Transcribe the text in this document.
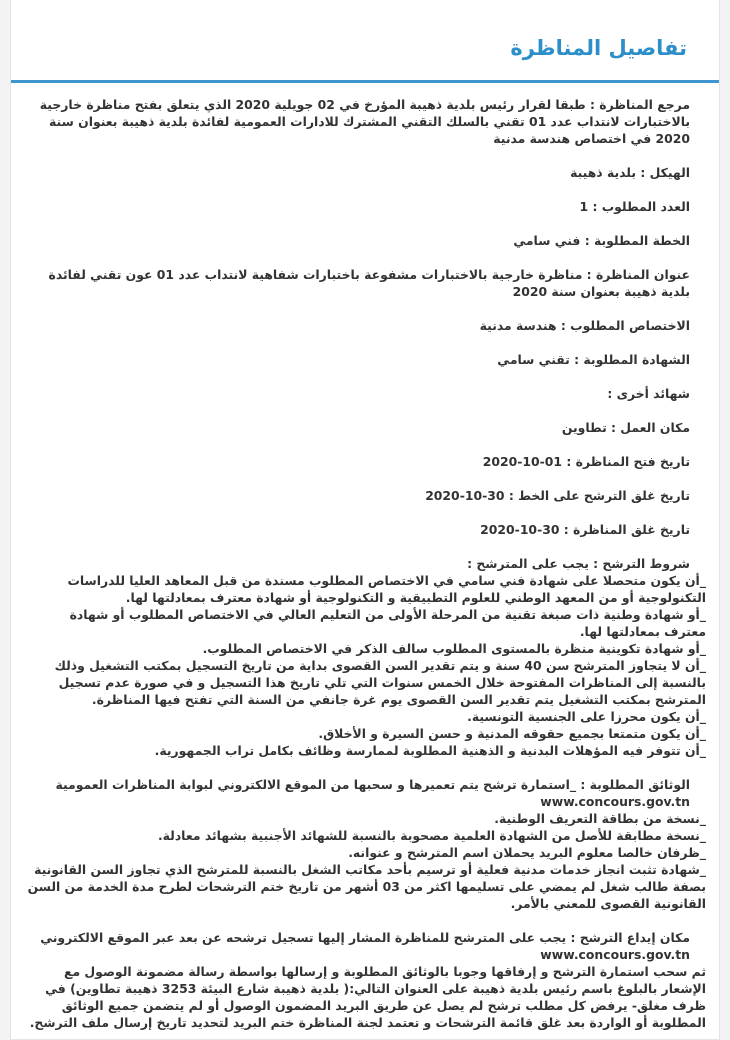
تفاصيل المناظرة

مرجع المناظرة : طبقا لقرار رئيس بلدية ذهيبة المؤرخ في 02 جويلية 2020 الذي يتعلق بفتح مناظرة خارجية بالاختبارات لانتداب عدد 01 تقني بالسلك التقني المشترك للادارات العمومية لفائدة بلدية ذهيبة بعنوان سنة 2020 في اختصاص هندسة مدنية

الهيكل : بلدية ذهيبة

العدد المطلوب : 1

الخطة المطلوبة : فني سامي

عنوان المناظرة : مناظرة خارجية بالاختبارات مشفوعة باختبارات شفاهية لانتداب عدد 01 عون تقني لفائدة بلدية ذهيبة بعنوان سنة 2020

الاختصاص المطلوب : هندسة مدنية

الشهادة المطلوبة : تقني سامي

شهائد أخرى :

مكان العمل : تطاوين

تاريخ فتح المناظرة : 01-10-2020

تاريخ غلق الترشح على الخط : 30-10-2020

تاريخ غلق المناظرة : 30-10-2020

شروط الترشح : يجب على المترشح :
_أن يكون متحصلا على شهادة فني سامي في الاختصاص المطلوب مسندة من قبل المعاهد العليا للدراسات التكنولوجية أو من المعهد الوطني للعلوم التطبيقية و التكنولوجية أو شهادة معترف بمعادلتها لها.
_أو شهادة وطنية ذات صبغة تقنية من المرحلة الأولى من التعليم العالي في الاختصاص المطلوب أو شهادة معترف بمعادلتها لها.
_أو شهادة تكوينية منظرة بالمستوى المطلوب سالف الذكر في الاختصاص المطلوب.
_أن لا يتجاوز المترشح سن 40 سنة و يتم تقدير السن القصوى بداية من تاريخ التسجيل بمكتب التشغيل وذلك بالنسبة إلى المناظرات المفتوحة خلال الخمس سنوات التي تلي تاريخ هذا التسجيل و في صورة عدم تسجيل المترشح بمكتب التشغيل يتم تقدير السن القصوى يوم غرة جانفي من السنة التي تفتح فيها المناظرة.
_أن يكون محرزا على الجنسية التونسية.
_أن يكون متمتعا بجميع حقوقه المدنية و حسن السيرة و الأخلاق.
_أن تتوفر فيه المؤهلات البدنية و الذهنية المطلوبة لممارسة وظائف بكامل تراب الجمهورية.
الوثائق المطلوبة : _استمارة ترشح يتم تعميرها و سحبها من الموقع الالكتروني لبوابة المناظرات العمومية
www.concours.gov.tn
_نسخة من بطاقة التعريف الوطنية.
_نسخة مطابقة للأصل من الشهادة العلمية مصحوبة بالنسبة للشهائد الأجنبية بشهائد معادلة.
_ظرفان خالصا معلوم البريد يحملان اسم المترشح و عنوانه.
_شهادة تثبت انجاز خدمات مدنية فعلية أو ترسيم بأحد مكاتب الشغل بالنسبة للمترشح الذي تجاوز السن القانونية بصفة طالب شغل لم يمضي على تسليمها اكثر من 03 أشهر من تاريخ ختم الترشحات لطرح مدة الخدمة من السن القانونية القصوى للمعني بالأمر.
مكان إيداع الترشح : يجب على المترشح للمناظرة المشار إليها تسجيل ترشحه عن بعد عبر الموقع الالكتروني
www.concours.gov.tn
ثم سحب استمارة الترشح و إرفاقها وجوبا بالوثائق المطلوبة و إرسالها بواسطة رسالة مضمونة الوصول مع الإشعار بالبلوغ باسم رئيس بلدية ذهيبة على العنوان التالي:( بلدية ذهيبة شارع البيئة 3253 ذهيبة تطاوين) في ظرف مغلق- يرفض كل مطلب ترشح لم يصل عن طريق البريد المضمون الوصول أو لم يتضمن جميع الوثائق المطلوبة أو الواردة بعد غلق قائمة الترشحات و تعتمد لجنة المناظرة ختم البريد لتحديد تاريخ إرسال ملف الترشح.
